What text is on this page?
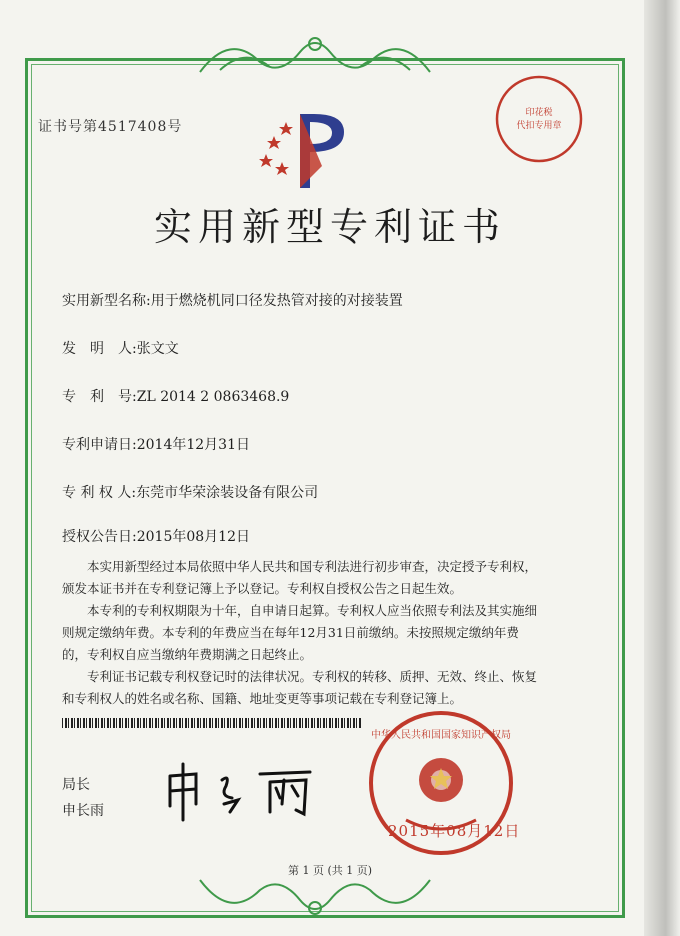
证书号第4517408号
实用新型专利证书
实用新型名称:用于燃烧机同口径发热管对接的对接装置
发　明　人:张文文
专　利　号:ZL 2014 2 0863468.9
专利申请日:2014年12月31日
专 利 权 人:东莞市华荣涂装设备有限公司
授权公告日:2015年08月12日
本实用新型经过本局依照中华人民共和国专利法进行初步审查，决定授予专利权，颁发本证书并在专利登记簿上予以登记。专利权自授权公告之日起生效。
本专利的专利权期限为十年，自申请日起算。专利权人应当依照专利法及其实施细则规定缴纳年费。本专利的年费应当在每年12月31日前缴纳。未按照规定缴纳年费的，专利权自应当缴纳年费期满之日起终止。
专利证书记载专利权登记时的法律状况。专利权的转移、质押、无效、终止、恢复和专利权人的姓名或名称、国籍、地址变更等事项记载在专利登记簿上。
局长
申长雨
印花税
代扣专用章
中华人民共和国国家知识产权局
2015年08月12日
第 1 页 (共 1 页)
